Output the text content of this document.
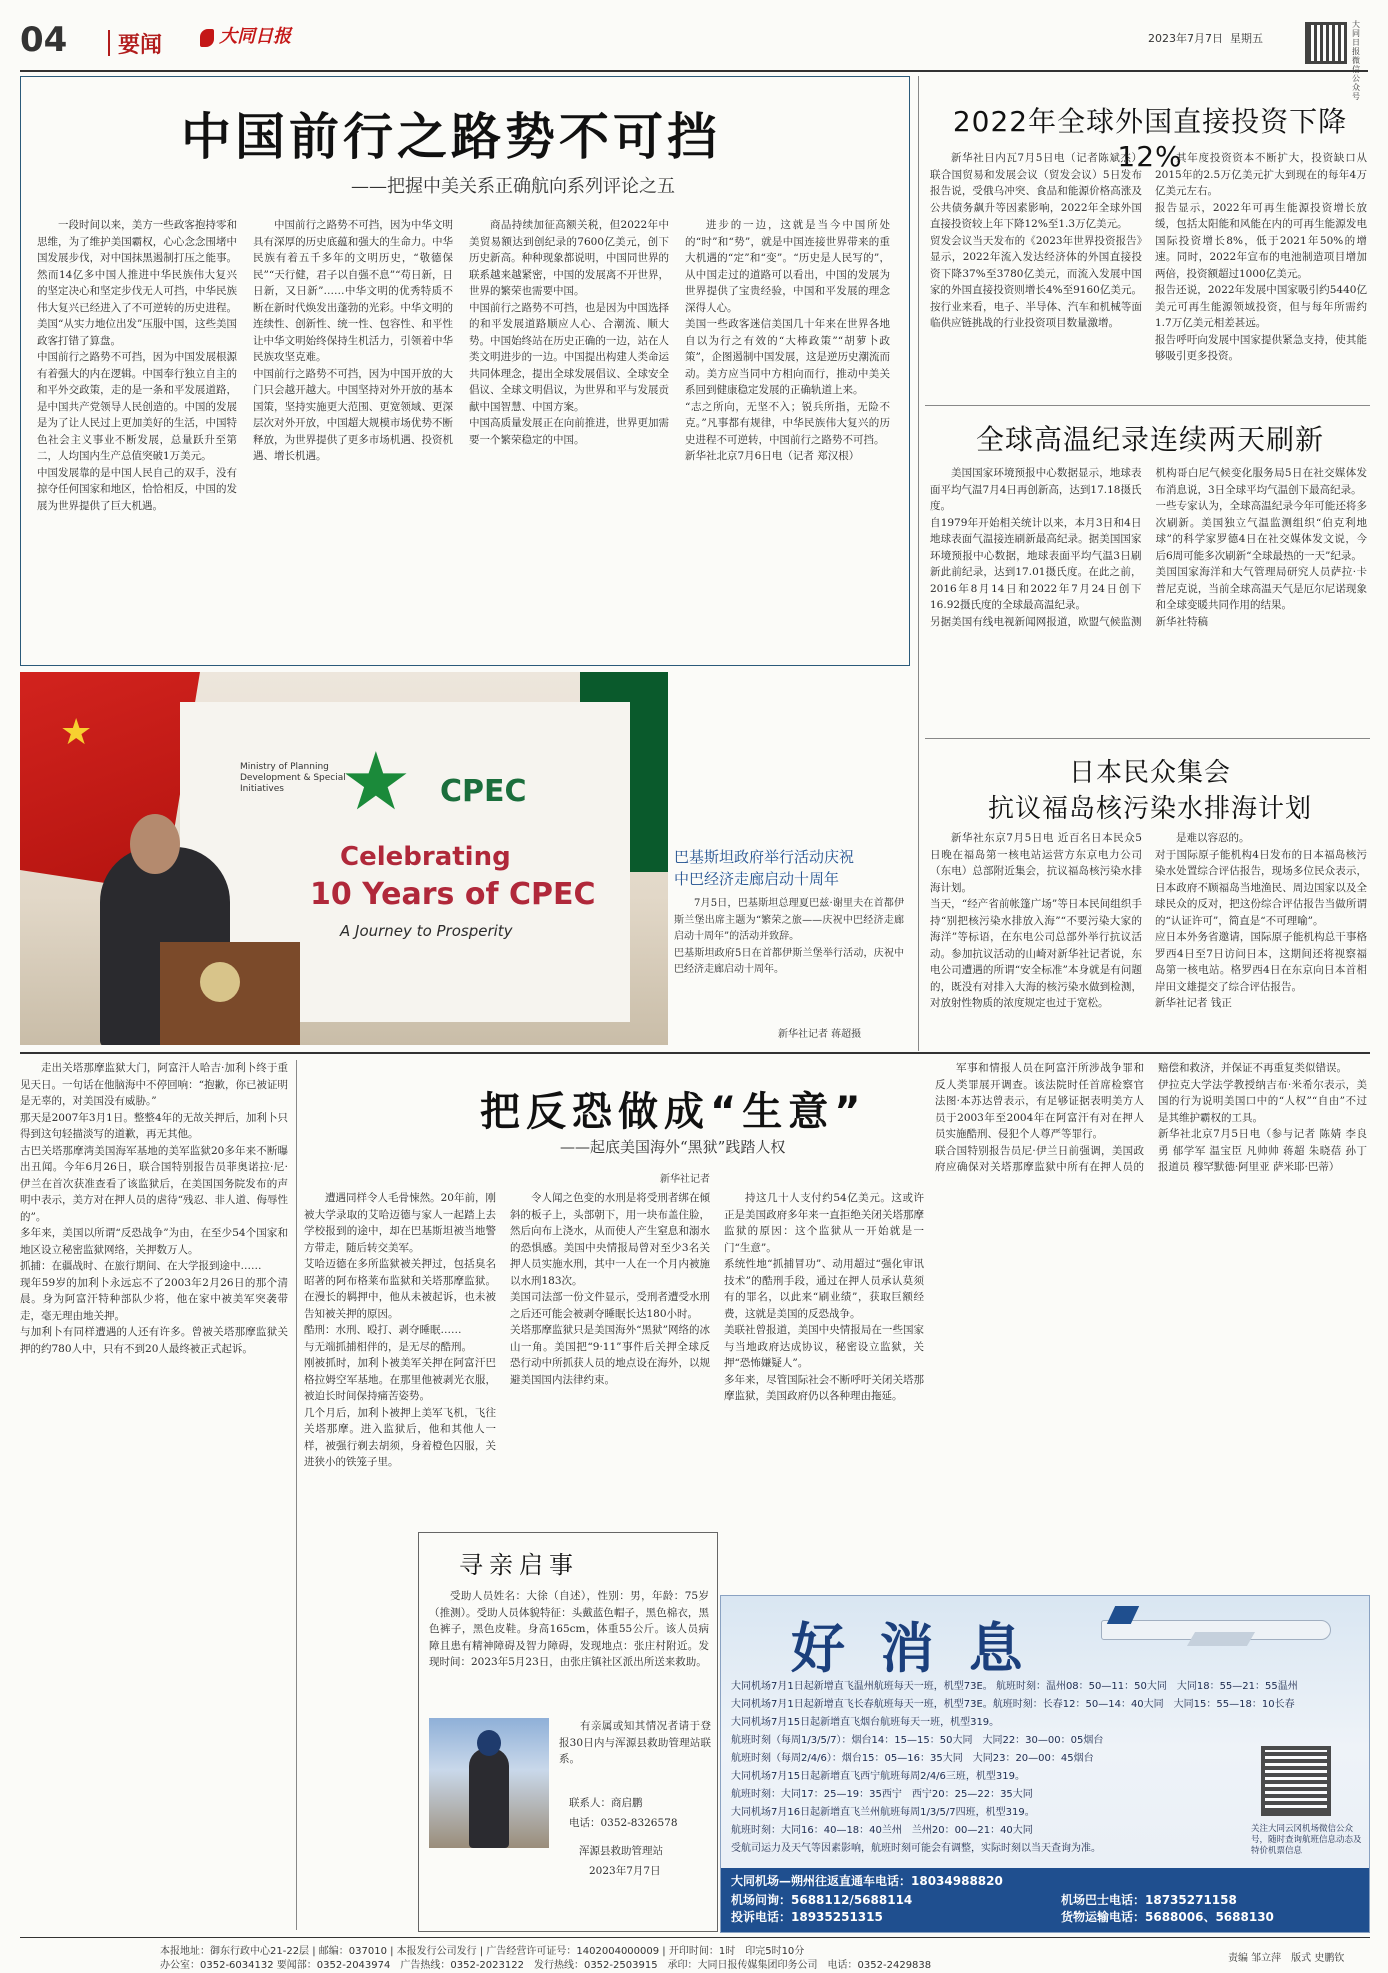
04 要闻	大同日报	2023年7月7日 星期五
大同日报微 公众号
中国前行之路势不可挡
——把握中美关系正确航向系列评论之五
一段时间以来，美方一些政客抱持零和思维，为了维护美国霸权，心心念念围堵中国发展步伐，对中国抹黑遏制打压之能事。然而14亿多中国人推进中华民族伟大复兴的坚定决心和坚定步伐无人可挡，中华民族伟大复兴已经进入了不可逆转的历史进程。美国“从实力地位出发”压服中国，这些美国政客打错了算盘。
中国前行之路势不可挡，因为中国发展根源有着强大的内在逻辑。中国奉行独立自主的和平外交政策，走的是一条和平发展道路，是中国共产党领导人民创造的。中国的发展是为了让人民过上更加美好的生活，中国特色社会主义事业不断发展，总量跃升至第二，人均国内生产总值突破1万美元。
中国发展靠的是中国人民自己的双手，没有掠夺任何国家和地区，恰恰相反，中国的发展为世界提供了巨大机遇。
中国前行之路势不可挡，因为中华文明具有深厚的历史底蕴和强大的生命力。中华民族有着五千多年的文明历史，“敬德保民”“天行健，君子以自强不息”“苟日新，日日新，又日新”……中华文明的优秀特质不断在新时代焕发出蓬勃的光彩。中华文明的连续性、创新性、统一性、包容性、和平性让中华文明始终保持生机活力，引领着中华民族攻坚克难。
中国前行之路势不可挡，因为中国开放的大门只会越开越大。中国坚持对外开放的基本国策，坚持实施更大范围、更宽领域、更深层次对外开放，中国超大规模市场优势不断释放，为世界提供了更多市场机遇、投资机遇、增长机遇。
商品持续加征高额关税，但2022年中美贸易额达到创纪录的7600亿美元，创下历史新高。种种现象都说明，中国同世界的联系越来越紧密，中国的发展离不开世界，世界的繁荣也需要中国。
中国前行之路势不可挡，也是因为中国选择的和平发展道路顺应人心、合潮流、顺大势。中国始终站在历史正确的一边，站在人类文明进步的一边。中国提出构建人类命运共同体理念，提出全球发展倡议、全球安全倡议、全球文明倡议，为世界和平与发展贡献中国智慧、中国方案。
中国高质量发展正在向前推进，世界更加需要一个繁荣稳定的中国。
进步的一边，这就是当今中国所处的“时”和“势”，就是中国连接世界带来的重大机遇的“定”和“变”。“历史是人民写的”，从中国走过的道路可以看出，中国的发展为世界提供了宝贵经验，中国和平发展的理念深得人心。
美国一些政客迷信美国几十年来在世界各地自以为行之有效的“大棒政策”“胡萝卜政策”，企图遏制中国发展，这是逆历史潮流而动。美方应当同中方相向而行，推动中美关系回到健康稳定发展的正确轨道上来。
“志之所向，无坚不入；锐兵所指，无险不克。”凡事都有规律，中华民族伟大复兴的历史进程不可逆转，中国前行之路势不可挡。
新华社北京7月6日电（记者 郑汉根）
2022年全球外国直接投资下降12%
新华社日内瓦7月5日电（记者陈斌杰）联合国贸易和发展会议（贸发会议）5日发布报告说，受俄乌冲突、食品和能源价格高涨及公共债务飙升等因素影响，2022年全球外国直接投资较上年下降12%至1.3万亿美元。
贸发会议当天发布的《2023年世界投资报告》显示，2022年流入发达经济体的外国直接投资下降37%至3780亿美元，而流入发展中国家的外国直接投资则增长4%至9160亿美元。按行业来看，电子、半导体、汽车和机械等面临供应链挑战的行业投资项目数量激增。
其年度投资资本不断扩大，投资缺口从2015年的2.5万亿美元扩大到现在的每年4万亿美元左右。
报告显示，2022年可再生能源投资增长放缓，包括太阳能和风能在内的可再生能源发电国际投资增长8%，低于2021年50%的增速。同时，2022年宣布的电池制造项目增加两倍，投资额超过1000亿美元。
报告还说，2022年发展中国家吸引约5440亿美元可再生能源领域投资，但与每年所需约1.7万亿美元相差甚远。
报告呼吁向发展中国家提供紧急支持，使其能够吸引更多投资。
全球高温纪录连续两天刷新
美国国家环境预报中心数据显示，地球表面平均气温7月4日再创新高，达到17.18摄氏度。
自1979年开始相关统计以来，本月3日和4日地球表面气温接连刷新最高纪录。据美国国家环境预报中心数据，地球表面平均气温3日刷新此前纪录，达到17.01摄氏度。在此之前，2016年8月14日和2022年7月24日创下16.92摄氏度的全球最高温纪录。
另据美国有线电视新闻网报道，欧盟气候监测机构哥白尼气候变化服务局5日在社交媒体发布消息说，3日全球平均气温创下最高纪录。
一些专家认为，全球高温纪录今年可能还将多次刷新。美国独立气温监测组织“伯克利地球”的科学家罗德4日在社交媒体发文说，今后6周可能多次刷新“全球最热的一天”纪录。
美国国家海洋和大气管理局研究人员萨拉·卡普尼克说，当前全球高温天气是厄尔尼诺现象和全球变暖共同作用的结果。
新华社特稿
★
Ministry of Planning Development & Special Initiatives ★ CPEC
Celebrating
10 Years of CPEC
A Journey to Prosperity
巴基斯坦政府举行活动庆祝
中巴经济走廊启动十周年
7月5日，巴基斯坦总理夏巴兹·谢里夫在首都伊斯兰堡出席主题为“繁荣之旅——庆祝中巴经济走廊启动十周年”的活动并致辞。
巴基斯坦政府5日在首都伊斯兰堡举行活动，庆祝中巴经济走廊启动十周年。
新华社记者 蒋超摄
日本民众集会
抗议福岛核污染水排海计划
新华社东京7月5日电 近百名日本民众5日晚在福岛第一核电站运营方东京电力公司（东电）总部附近集会，抗议福岛核污染水排海计划。
当天，“经产省前帐篷广场”等日本民间组织手持“别把核污染水排放入海”“不要污染大家的海洋”等标语，在东电公司总部外举行抗议活动。参加抗议活动的山崎对新华社记者说，东电公司遭遇的所谓“安全标准”本身就是有问题的，既没有对排入大海的核污染水做到检测，对放射性物质的浓度规定也过于宽松。
是难以容忍的。
对于国际原子能机构4日发布的日本福岛核污染水处置综合评估报告，现场多位民众表示，日本政府不顾福岛当地渔民、周边国家以及全球民众的反对，把这份综合评估报告当做所谓的“认证许可”，简直是“不可理喻”。
应日本外务省邀请，国际原子能机构总干事格罗西4日至7日访问日本，这期间还将视察福岛第一核电站。格罗西4日在东京向日本首相岸田文雄提交了综合评估报告。
新华社记者 钱正
走出关塔那摩监狱大门，阿富汗人哈吉·加利卜终于重见天日。一句话在他脑海中不停回响：“抱歉，你已被证明是无辜的，对美国没有威胁。”
那天是2007年3月1日。整整4年的无故关押后，加利卜只得到这句轻描淡写的道歉，再无其他。
古巴关塔那摩湾美国海军基地的美军监狱20多年来不断曝出丑闻。今年6月26日，联合国特别报告员菲奥诺拉·尼·伊兰在首次获准查看了该监狱后，在美国国务院发布的声明中表示，美方对在押人员的虐待“残忍、非人道、侮辱性的”。
多年来，美国以所谓“反恐战争”为由，在至少54个国家和地区设立秘密监狱网络，关押数万人。
抓捕：在疆战时、在旅行期间、在大学报到途中……
现年59岁的加利卜永远忘不了2003年2月26日的那个清晨。身为阿富汗特种部队少将，他在家中被美军突袭带走，毫无理由地关押。
与加利卜有同样遭遇的人还有许多。曾被关塔那摩监狱关押的约780人中，只有不到20人最终被正式起诉。
把反恐做成“生意”
——起底美国海外“黑狱”践踏人权
新华社记者
遭遇同样令人毛骨悚然。20年前，刚被大学录取的艾哈迈德与家人一起踏上去学校报到的途中，却在巴基斯坦被当地警方带走，随后转交美军。
艾哈迈德在多所监狱被关押过，包括臭名昭著的阿布格莱布监狱和关塔那摩监狱。在漫长的羁押中，他从未被起诉，也未被告知被关押的原因。
酷刑：水刑、殴打、剥夺睡眠……
与无端抓捕相伴的，是无尽的酷刑。
刚被抓时，加利卜被美军关押在阿富汗巴格拉姆空军基地。在那里他被剥光衣服，被迫长时间保持痛苦姿势。
几个月后，加利卜被押上美军飞机，飞往关塔那摩。进入监狱后，他和其他人一样，被强行剃去胡须，身着橙色囚服，关进狭小的铁笼子里。
令人闻之色变的水刑是将受刑者绑在倾斜的板子上，头部朝下，用一块布盖住脸，然后向布上浇水，从而使人产生窒息和溺水的恐惧感。美国中央情报局曾对至少3名关押人员实施水刑，其中一人在一个月内被施以水刑183次。
美国司法部一份文件显示，受刑者遭受水刑之后还可能会被剥夺睡眠长达180小时。
关塔那摩监狱只是美国海外“黑狱”网络的冰山一角。美国把“9·11”事件后关押全球反恐行动中所抓获人员的地点设在海外，以规避美国国内法律约束。
持这几十人支付约54亿美元。这或许正是美国政府多年来一直拒绝关闭关塔那摩监狱的原因：这个监狱从一开始就是一门“生意”。
系统性地“抓捕冒功”、动用超过“强化审讯技术”的酷刑手段，通过在押人员承认莫须有的罪名，以此来“刷业绩”，获取巨额经费，这就是美国的反恐战争。
美联社曾报道，美国中央情报局在一些国家与当地政府达成协议，秘密设立监狱，关押“恐怖嫌疑人”。
多年来，尽管国际社会不断呼吁关闭关塔那摩监狱，美国政府仍以各种理由拖延。
军事和情报人员在阿富汗所涉战争罪和反人类罪展开调查。该法院时任首席检察官法图·本苏达曾表示，有足够证据表明美方人员于2003年至2004年在阿富汗有对在押人员实施酷刑、侵犯个人尊严等罪行。
联合国特别报告员尼·伊兰日前强调，美国政府应确保对关塔那摩监狱中所有在押人员的赔偿和救济，并保证不再重复类似错误。
伊拉克大学法学教授纳吉布·米希尔表示，美国的行为说明美国口中的“人权”“自由”不过是其维护霸权的工具。
新华社北京7月5日电（参与记者 陈婧 李良勇 郁学军 温宝臣 凡帅帅 蒋超 朱晓蓓 孙丁 报道员 穆罕默德·阿里亚 萨米耶·巴蒂）
寻亲启事
受助人员姓名：大徐（自述），性别：男，年龄：75岁（推测）。受助人员体貌特征：头戴蓝色帽子，黑色棉衣，黑色裤子，黑色皮鞋。身高165cm，体重55公斤。该人员病障且患有精神障碍及智力障碍，发现地点：张庄村附近。发现时间：2023年5月23日，由张庄镇社区派出所送来救助。
有亲属或知其情况者请于登报30日内与浑源县救助管理站联系。
联系人：商启鹏
电话：0352-8326578
浑源县救助管理站
2023年7月7日
好 消 息
大同机场7月1日起新增直飞温州航班每天一班，机型73E。 航班时刻：温州08：50—11：50大同　大同18：55—21：55温州
大同机场7月1日起新增直飞长春航班每天一班，机型73E。航班时刻：长春12：50—14：40大同　大同15：55—18：10长春
大同机场7月15日起新增直飞烟台航班每天一班，机型319。
航班时刻（每周1/3/5/7）：烟台14：15—15：50大同　大同22：30—00：05烟台
航班时刻（每周2/4/6）：烟台15：05—16：35大同　大同23：20—00：45烟台
大同机场7月15日起新增直飞西宁航班每周2/4/6三班，机型319。
航班时刻：大同17：25—19：35西宁　西宁20：25—22：35大同
大同机场7月16日起新增直飞兰州航班每周1/3/5/7四班，机型319。
航班时刻：大同16：40—18：40兰州　兰州20：00—21：40大同
受航司运力及天气等因素影响，航班时刻可能会有调整，实际时刻以当天查询为准。
关注大同云冈机场微信公众号，随时查询航班信息动态及特价机票信息
大同机场—朔州往返直通车电话：18034988820
机场问询：5688112/5688114	机场巴士电话：18735271158
投诉电话：18935251315	货物运输电话：5688006、5688130
本报地址：御东行政中心21-22层 | 邮编：037010 | 本报发行公司发行 | 广告经营许可证号：1402004000009 | 开印时间：1时　印完5时10分
办公室：0352-6034132 要闻部：0352-2043974　广告热线：0352-2023122　发行热线：0352-2503915　承印：大同日报传媒集团印务公司　电话：0352-2429838
责编 邹立萍　版式 史鹏钦
